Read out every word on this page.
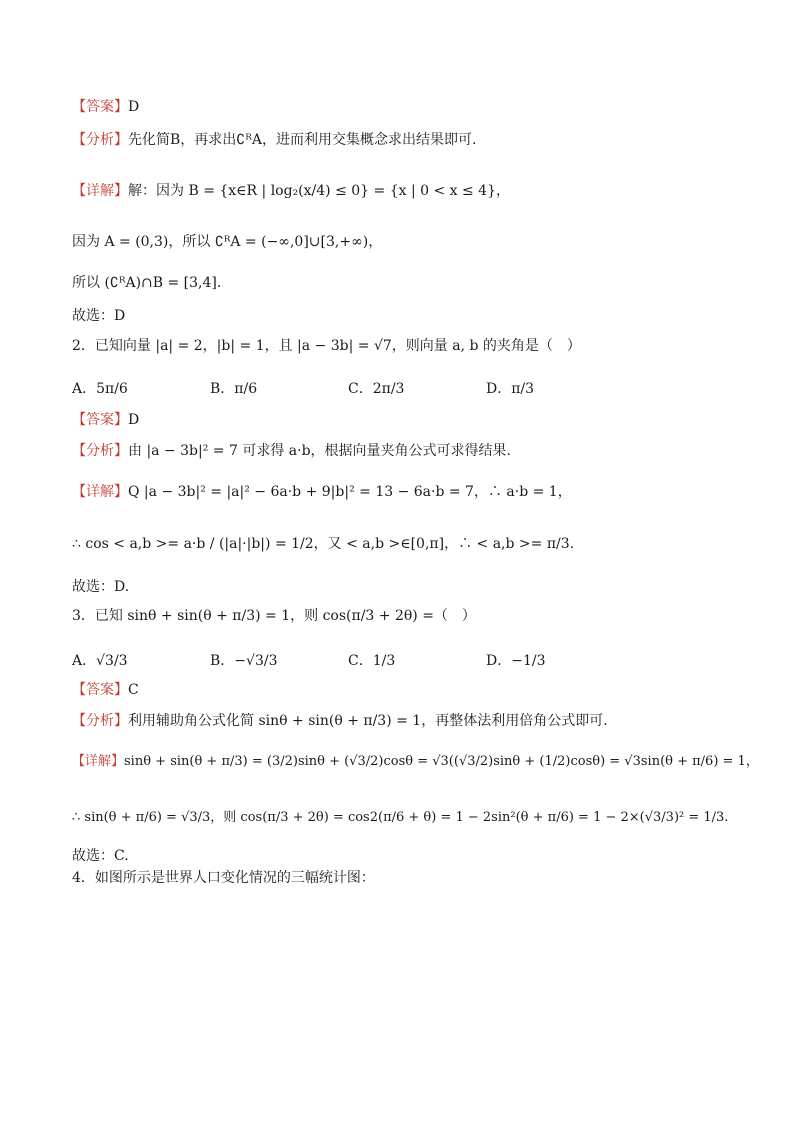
【答案】D
【分析】先化简B，再求出∁ᴿA，进而利用交集概念求出结果即可.
【详解】解：因为 B = {x∈R | log₂(x/4) ≤ 0} = {x | 0 < x ≤ 4}，
因为 A = (0,3)，所以 ∁ᴿA = (−∞,0]∪[3,+∞)，
所以 (∁ᴿA)∩B = [3,4].
故选：D
2．已知向量 |a| = 2，|b| = 1，且 |a − 3b| = √7，则向量 a, b 的夹角是（　）
A．5π/6	B．π/6	C．2π/3	D．π/3
【答案】D
【分析】由 |a − 3b|² = 7 可求得 a·b，根据向量夹角公式可求得结果.
【详解】Q |a − 3b|² = |a|² − 6a·b + 9|b|² = 13 − 6a·b = 7，∴ a·b = 1，
∴ cos < a,b >= a·b / (|a|·|b|) = 1/2，又 < a,b >∈[0,π]，∴ < a,b >= π/3.
故选：D.
3．已知 sinθ + sin(θ + π/3) = 1，则 cos(π/3 + 2θ) =（　）
A．√3/3	B．−√3/3	C．1/3	D．−1/3
【答案】C
【分析】利用辅助角公式化简 sinθ + sin(θ + π/3) = 1，再整体法利用倍角公式即可.
【详解】sinθ + sin(θ + π/3) = (3/2)sinθ + (√3/2)cosθ = √3((√3/2)sinθ + (1/2)cosθ) = √3sin(θ + π/6) = 1，
∴ sin(θ + π/6) = √3/3，则 cos(π/3 + 2θ) = cos2(π/6 + θ) = 1 − 2sin²(θ + π/6) = 1 − 2×(√3/3)² = 1/3.
故选：C.
4．如图所示是世界人口变化情况的三幅统计图：
